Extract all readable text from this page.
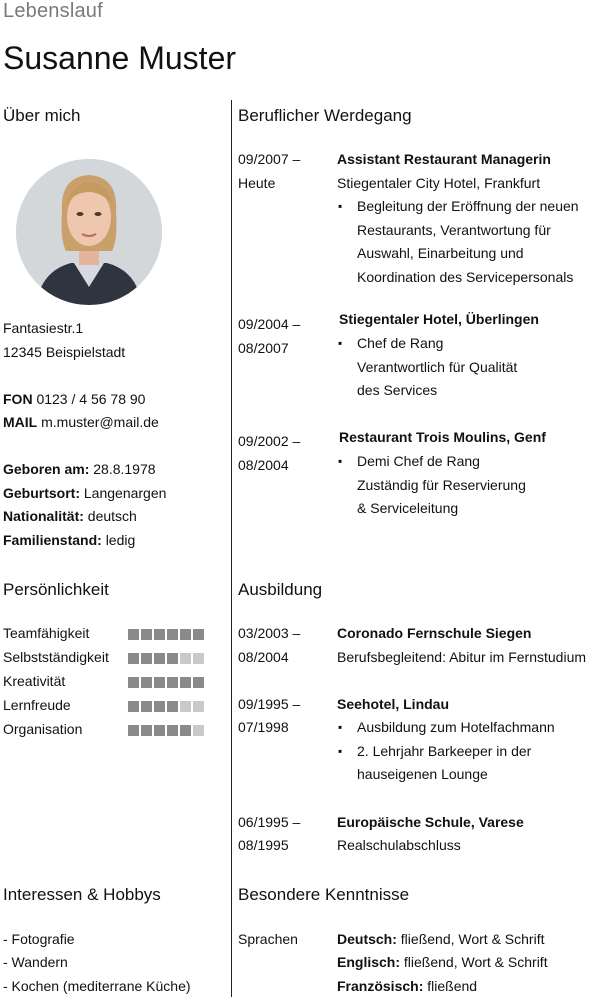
Lebenslauf
Susanne Muster
Über mich
Fantasiestr.1
12345 Beispielstadt
FON 0123 / 4 56 78 90
MAIL m.muster@mail.de
Geboren am: 28.8.1978
Geburtsort: Langenargen
Nationalität: deutsch
Familienstand: ledig
Beruflicher Werdegang
09/2007 –
Heute
Assistant Restaurant Managerin
Stiegentaler City Hotel, Frankfurt
▪ Begleitung der Eröffnung der neuen
Restaurants, Verantwortung für
Auswahl, Einarbeitung und
Koordination des Servicepersonals
09/2004 –
08/2007
Stiegentaler Hotel, Überlingen
▪ Chef de Rang
Verantwortlich für Qualität
des Services
09/2002 –
08/2004
Restaurant Trois Moulins, Genf
▪ Demi Chef de Rang
Zuständig für Reservierung
& Serviceleitung
Persönlichkeit
Teamfähigkeit
Selbstständigkeit
Kreativität
Lernfreude
Organisation
Ausbildung
03/2003 –
08/2004
Coronado Fernschule Siegen
Berufsbegleitend: Abitur im Fernstudium
09/1995 –
07/1998
Seehotel, Lindau
▪ Ausbildung zum Hotelfachmann
▪ 2. Lehrjahr Barkeeper in der
hauseigenen Lounge
06/1995 –
08/1995
Europäische Schule, Varese
Realschulabschluss
Interessen & Hobbys
- Fotografie
- Wandern
- Kochen (mediterrane Küche)
Besondere Kenntnisse
Sprachen	Deutsch: fließend, Wort & Schrift
Englisch: fließend, Wort & Schrift
Französisch: fließend
